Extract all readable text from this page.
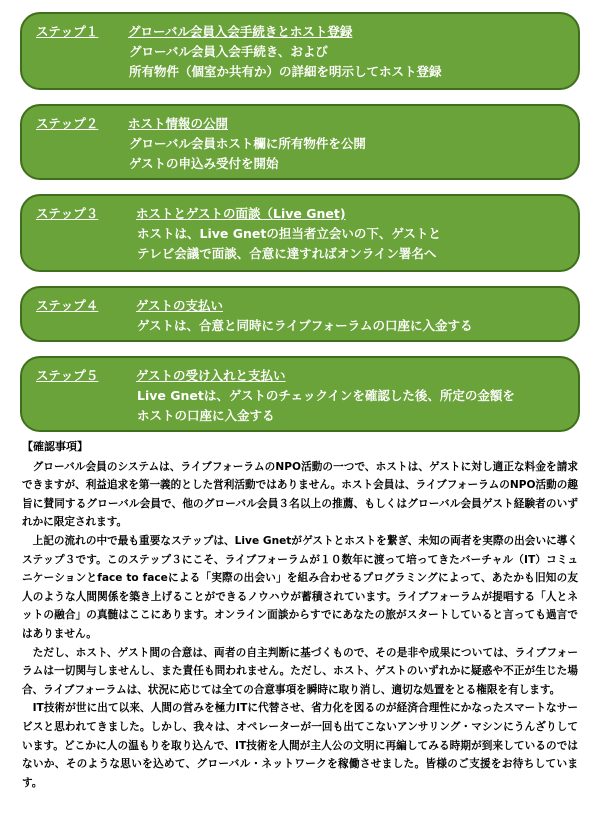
ステップ１	グローバル会員入会手続きとホスト登録
グローバル会員入会手続き、および
所有物件（個室か共有か）の詳細を明示してホスト登録
ステップ２	ホスト情報の公開
グローバル会員ホスト欄に所有物件を公開
ゲストの申込み受付を開始
ステップ３	ホストとゲストの面談（Live Gnet)
ホストは、Live Gnetの担当者立会いの下、ゲストと
テレビ会議で面談、合意に達すればオンライン署名へ
ステップ４	ゲストの支払い
ゲストは、合意と同時にライブフォーラムの口座に入金する
ステップ５	ゲストの受け入れと支払い
Live Gnetは、ゲストのチェックインを確認した後、所定の金額を
ホストの口座に入金する
【確認事項】

グローバル会員のシステムは、ライブフォーラムのNPO活動の一つで、ホストは、ゲストに対し適正な料金を請求できますが、利益追求を第一義的とした営利活動ではありません。ホスト会員は、ライブフォーラムのNPO活動の趣旨に賛同するグローバル会員で、他のグローバル会員３名以上の推薦、もしくはグローバル会員ゲスト経験者のいずれかに限定されます。

上記の流れの中で最も重要なステップは、Live Gnetがゲストとホストを繋ぎ、未知の両者を実際の出会いに導くステップ３です。このステップ３にこそ、ライブフォーラムが１０数年に渡って培ってきたバーチャル（IT）コミュニケーションとface to faceによる「実際の出会い」を組み合わせるプログラミングによって、あたかも旧知の友人のような人間関係を築き上げることができるノウハウが蓄積されています。ライブフォーラムが提唱する「人とネットの融合」の真髄はここにあります。オンライン面談からすでにあなたの旅がスタートしていると言っても過言ではありません。

ただし、ホスト、ゲスト間の合意は、両者の自主判断に基づくもので、その是非や成果については、ライブフォーラムは一切関与しませんし、また責任も問われません。ただし、ホスト、ゲストのいずれかに疑惑や不正が生じた場合、ライブフォーラムは、状況に応じては全ての合意事項を瞬時に取り消し、適切な処置をとる権限を有します。

IT技術が世に出て以来、人間の営みを極力ITに代替させ、省力化を図るのが経済合理性にかなったスマートなサービスと思われてきました。しかし、我々は、オペレーターが一回も出てこないアンサリング・マシンにうんざりしています。どこかに人の温もりを取り込んで、IT技術を人間が主人公の文明に再編してみる時期が到来しているのではないか、そのような思いを込めて、グローバル・ネットワークを稼働させました。皆様のご支援をお待ちしています。
